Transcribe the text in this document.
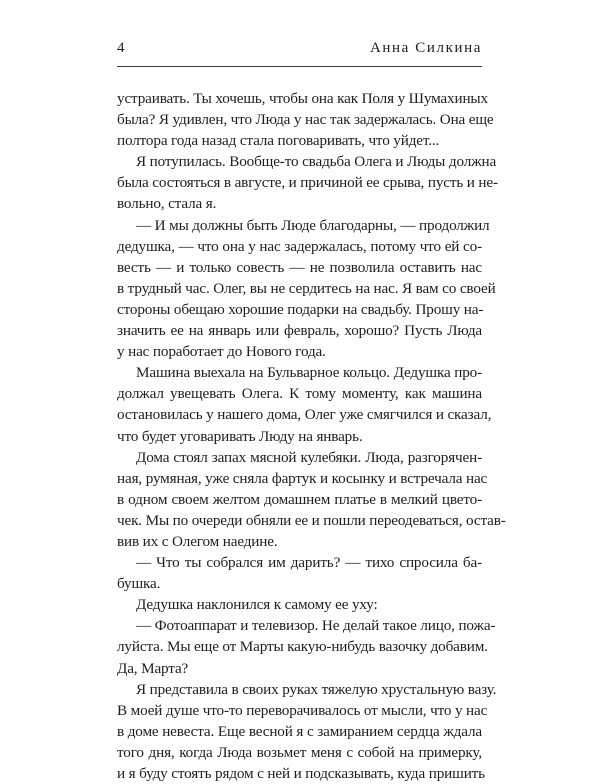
4	Анна Силкина
устраивать. Ты хочешь, чтобы она как Поля у Шумахиных
была? Я удивлен, что Люда у нас так задержалась. Она еще
полтора года назад стала поговаривать, что уйдет...
Я потупилась. Вообще-то свадьба Олега и Люды должна
была состояться в августе, и причиной ее срыва, пусть и не-
вольно, стала я.
— И мы должны быть Люде благодарны, — продолжил
дедушка, — что она у нас задержалась, потому что ей со-
весть — и только совесть — не позволила оставить нас
в трудный час. Олег, вы не сердитесь на нас. Я вам со своей
стороны обещаю хорошие подарки на свадьбу. Прошу на-
значить ее на январь или февраль, хорошо? Пусть Люда
у нас поработает до Нового года.
Машина выехала на Бульварное кольцо. Дедушка про-
должал увещевать Олега. К тому моменту, как машина
остановилась у нашего дома, Олег уже смягчился и сказал,
что будет уговаривать Люду на январь.
Дома стоял запах мясной кулебяки. Люда, разгорячен-
ная, румяная, уже сняла фартук и косынку и встречала нас
в одном своем желтом домашнем платье в мелкий цвето-
чек. Мы по очереди обняли ее и пошли переодеваться, остав-
вив их с Олегом наедине.
— Что ты собрался им дарить? — тихо спросила ба-
бушка.
Дедушка наклонился к самому ее уху:
— Фотоаппарат и телевизор. Не делай такое лицо, пожа-
луйста. Мы еще от Марты какую-нибудь вазочку добавим.
Да, Марта?
Я представила в своих руках тяжелую хрустальную вазу.
В моей душе что-то переворачивалось от мысли, что у нас
в доме невеста. Еще весной я с замиранием сердца ждала
того дня, когда Люда возьмет меня с собой на примерку,
и я буду стоять рядом с ней и подсказывать, куда пришить
